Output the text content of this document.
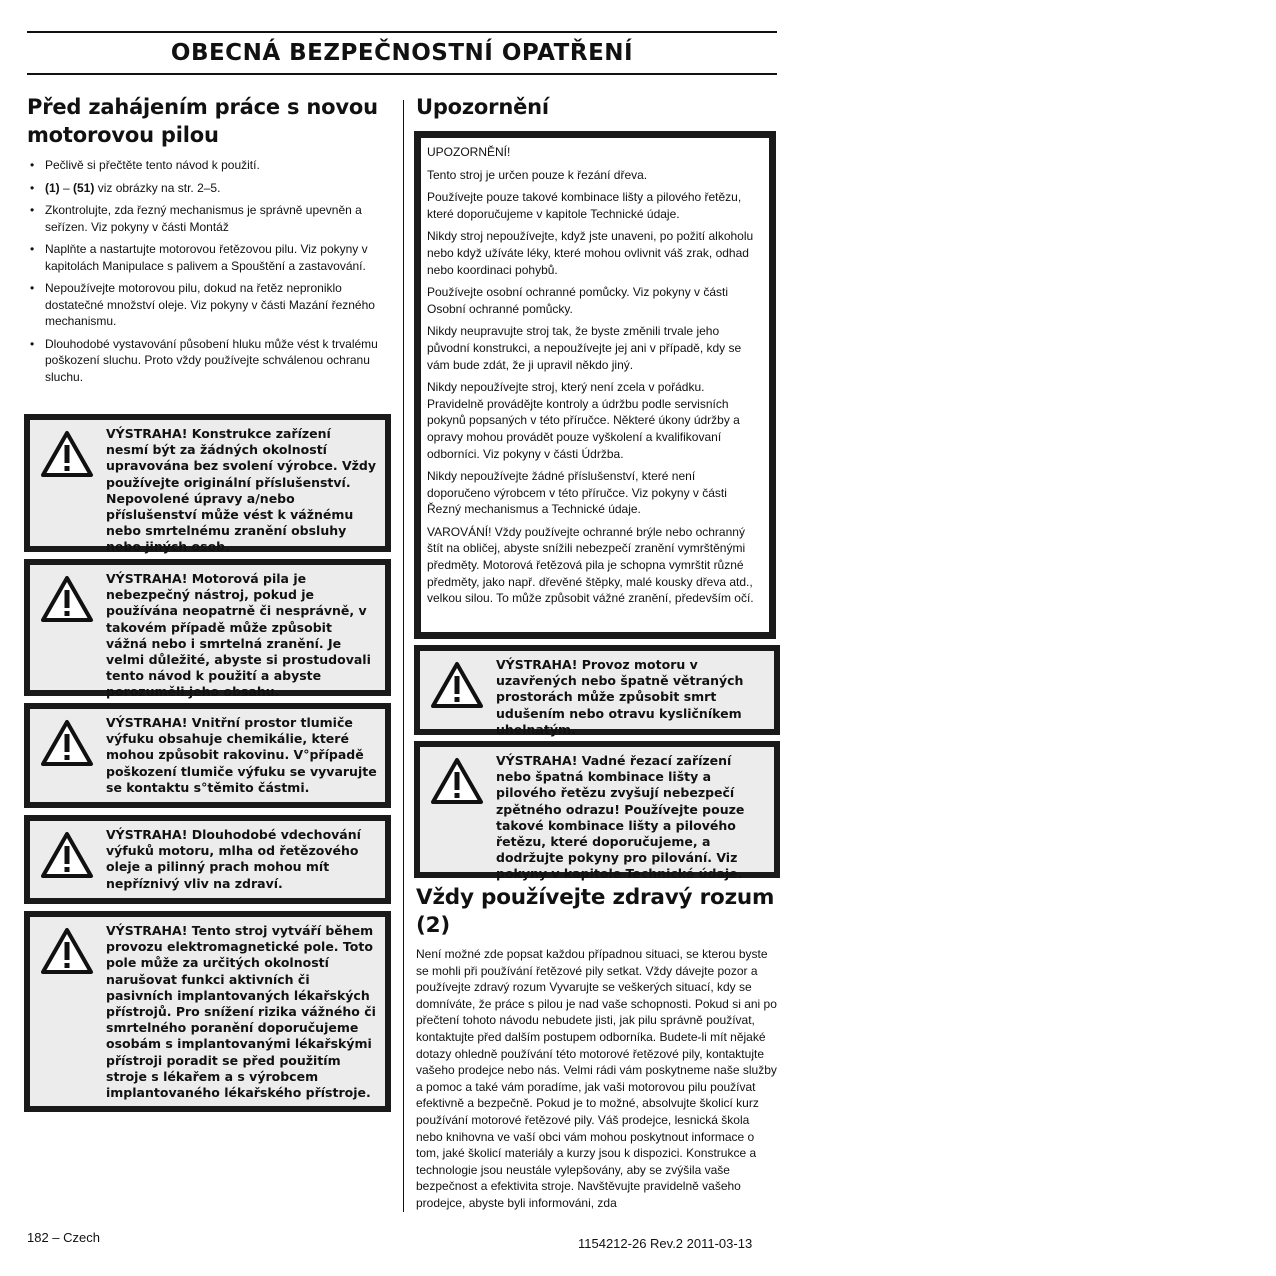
OBECNÁ BEZPEČNOSTNÍ OPATŘENÍ
Před zahájením práce s novou motorovou pilou
• Pečlivě si přečtěte tento návod k použití.
• (1) – (51) viz obrázky na str. 2–5.
• Zkontrolujte, zda řezný mechanismus je správně upevněn a seřízen. Viz pokyny v části Montáž
• Naplňte a nastartujte motorovou řetězovou pilu. Viz pokyny v kapitolách Manipulace s palivem a Spouštění a zastavování.
• Nepoužívejte motorovou pilu, dokud na řetěz neproniklo dostatečné množství oleje. Viz pokyny v části Mazání řezného mechanismu.
• Dlouhodobé vystavování působení hluku může vést k trvalému poškození sluchu. Proto vždy používejte schválenou ochranu sluchu.
VÝSTRAHA! Konstrukce zařízení nesmí být za žádných okolností upravována bez svolení výrobce. Vždy používejte originální příslušenství. Nepovolené úpravy a/nebo příslušenství může vést k vážnému nebo smrtelnému zranění obsluhy nebo jiných osob.
VÝSTRAHA! Motorová pila je nebezpečný nástroj, pokud je používána neopatrně či nesprávně, v takovém případě může způsobit vážná nebo i smrtelná zranění. Je velmi důležité, abyste si prostudovali tento návod k použití a abyste porozuměli jeho obsahu.
VÝSTRAHA! Vnitřní prostor tlumiče výfuku obsahuje chemikálie, které mohou způsobit rakovinu. V°případě poškození tlumiče výfuku se vyvarujte se kontaktu s°těmito částmi.
VÝSTRAHA! Dlouhodobé vdechování výfuků motoru, mlha od řetězového oleje a pilinný prach mohou mít nepříznivý vliv na zdraví.
VÝSTRAHA! Tento stroj vytváří během provozu elektromagnetické pole. Toto pole může za určitých okolností narušovat funkci aktivních či pasivních implantovaných lékařských přístrojů. Pro snížení rizika vážného či smrtelného poranění doporučujeme osobám s implantovanými lékařskými přístroji poradit se před použitím stroje s lékařem a s výrobcem implantovaného lékařského přístroje.
Upozornění

UPOZORNĚNÍ!

Tento stroj je určen pouze k řezání dřeva.

Používejte pouze takové kombinace lišty a pilového řetězu, které doporučujeme v kapitole Technické údaje.

Nikdy stroj nepoužívejte, když jste unaveni, po požití alkoholu nebo když užíváte léky, které mohou ovlivnit váš zrak, odhad nebo koordinaci pohybů.

Používejte osobní ochranné pomůcky. Viz pokyny v části Osobní ochranné pomůcky.

Nikdy neupravujte stroj tak, že byste změnili trvale jeho původní konstrukci, a nepoužívejte jej ani v případě, kdy se vám bude zdát, že ji upravil někdo jiný.

Nikdy nepoužívejte stroj, který není zcela v pořádku. Pravidelně provádějte kontroly a údržbu podle servisních pokynů popsaných v této příručce. Některé úkony údržby a opravy mohou provádět pouze vyškolení a kvalifikovaní odborníci. Viz pokyny v části Údržba.

Nikdy nepoužívejte žádné příslušenství, které není doporučeno výrobcem v této příručce. Viz pokyny v části Řezný mechanismus a Technické údaje.

VAROVÁNÍ! Vždy používejte ochranné brýle nebo ochranný štít na obličej, abyste snížili nebezpečí zranění vymrštěnými předměty. Motorová řetězová pila je schopna vymrštit různé předměty, jako např. dřevěné štěpky, malé kousky dřeva atd., velkou silou. To může způsobit vážné zranění, především očí.

VÝSTRAHA! Provoz motoru v uzavřených nebo špatně větraných prostorách může způsobit smrt udušením nebo otravu kysličníkem uhelnatým.
VÝSTRAHA! Vadné řezací zařízení nebo špatná kombinace lišty a pilového řetězu zvyšují nebezpečí zpětného odrazu! Používejte pouze takové kombinace lišty a pilového řetězu, které doporučujeme, a dodržujte pokyny pro pilování. Viz pokyny v kapitole Technické údaje.
Vždy používejte zdravý rozum (2)

Není možné zde popsat každou případnou situaci, se kterou byste se mohli při používání řetězové pily setkat. Vždy dávejte pozor a používejte zdravý rozum Vyvarujte se veškerých situací, kdy se domníváte, že práce s pilou je nad vaše schopnosti. Pokud si ani po přečtení tohoto návodu nebudete jisti, jak pilu správně používat, kontaktujte před dalším postupem odborníka. Budete-li mít nějaké dotazy ohledně používání této motorové řetězové pily, kontaktujte vašeho prodejce nebo nás. Velmi rádi vám poskytneme naše služby a pomoc a také vám poradíme, jak vaši motorovou pilu používat efektivně a bezpečně. Pokud je to možné, absolvujte školicí kurz používání motorové řetězové pily. Váš prodejce, lesnická škola nebo knihovna ve vaší obci vám mohou poskytnout informace o tom, jaké školicí materiály a kurzy jsou k dispozici. Konstrukce a technologie jsou neustále vylepšovány, aby se zvýšila vaše bezpečnost a efektivita stroje. Navštěvujte pravidelně vašeho prodejce, abyste byli informováni, zda

182 – Czech	1154212-26 Rev.2 2011-03-13
